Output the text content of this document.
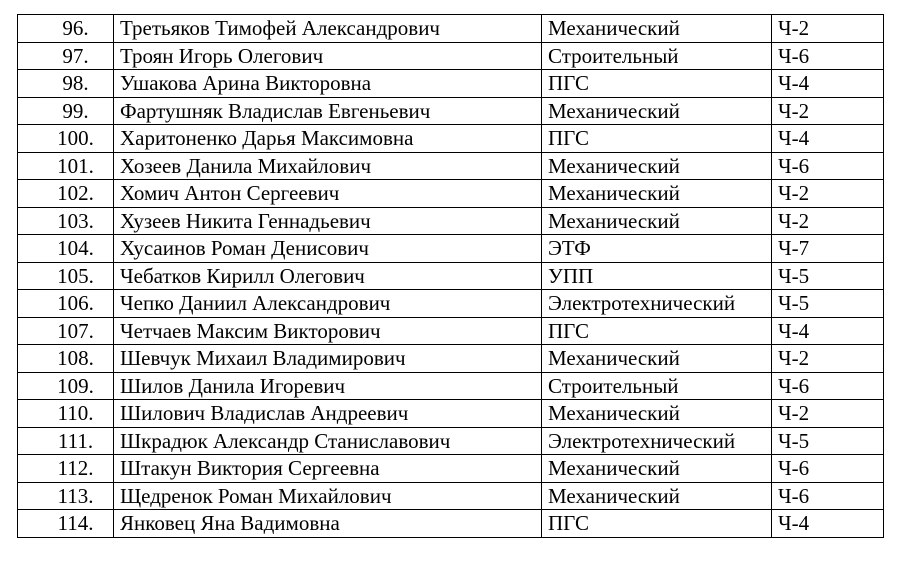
96.	Третьяков Тимофей Александрович	Механический	Ч-2
97.	Троян Игорь Олегович	Строительный	Ч-6
98.	Ушакова Арина Викторовна	ПГС	Ч-4
99.	Фартушняк Владислав Евгеньевич	Механический	Ч-2
100.	Харитоненко Дарья Максимовна	ПГС	Ч-4
101.	Хозеев Данила Михайлович	Механический	Ч-6
102.	Хомич Антон Сергеевич	Механический	Ч-2
103.	Хузеев Никита Геннадьевич	Механический	Ч-2
104.	Хусаинов Роман Денисович	ЭТФ	Ч-7
105.	Чебатков Кирилл Олегович	УПП	Ч-5
106.	Чепко Даниил Александрович	Электротехнический	Ч-5
107.	Четчаев Максим Викторович	ПГС	Ч-4
108.	Шевчук Михаил Владимирович	Механический	Ч-2
109.	Шилов Данила Игоревич	Строительный	Ч-6
110.	Шилович Владислав Андреевич	Механический	Ч-2
111.	Шкрадюк Александр Станиславович	Электротехнический	Ч-5
112.	Штакун Виктория Сергеевна	Механический	Ч-6
113.	Щедренок Роман Михайлович	Механический	Ч-6
114.	Янковец Яна Вадимовна	ПГС	Ч-4
